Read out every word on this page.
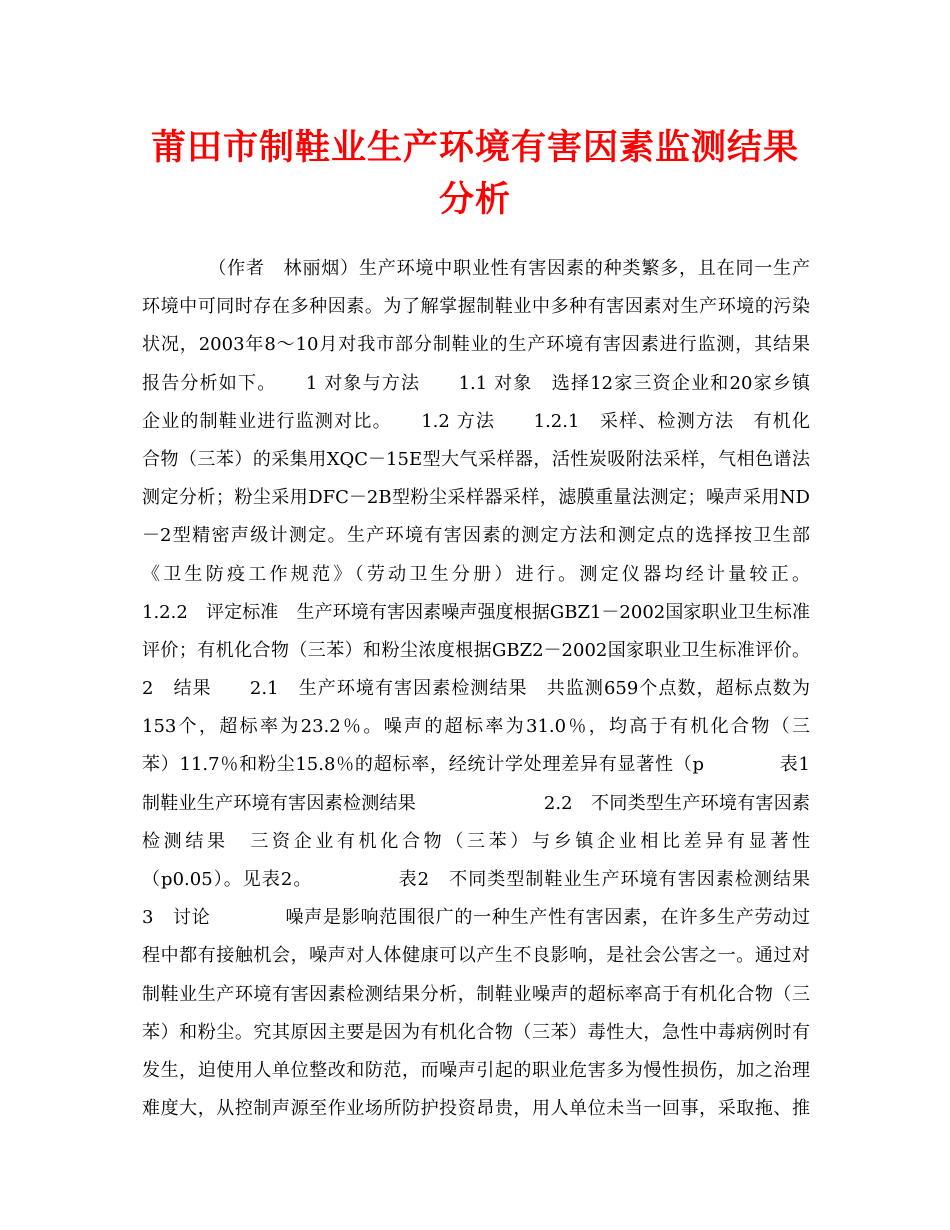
莆田市制鞋业生产环境有害因素监测结果分析
　　　　（作者　林丽烟）生产环境中职业性有害因素的种类繁多，且在同一生产
环境中可同时存在多种因素。为了解掌握制鞋业中多种有害因素对生产环境的污染
状况，2003年8～10月对我市部分制鞋业的生产环境有害因素进行监测，其结果
报告分析如下。　　1 对象与方法　　1.1 对象　选择12家三资企业和20家乡镇
企业的制鞋业进行监测对比。　　1.2 方法　　1.2.1　采样、检测方法　有机化
合物（三苯）的采集用XQC－15E型大气采样器，活性炭吸附法采样，气相色谱法
测定分析；粉尘采用DFC－2B型粉尘采样器采样，滤膜重量法测定；噪声采用ND
－2型精密声级计测定。生产环境有害因素的测定方法和测定点的选择按卫生部
《卫生防疫工作规范》（劳动卫生分册）进行。测定仪器均经计量较正。
1.2.2　评定标准　生产环境有害因素噪声强度根据GBZ1－2002国家职业卫生标准
评价；有机化合物（三苯）和粉尘浓度根据GBZ2－2002国家职业卫生标准评价。
2　结果　　2.1　生产环境有害因素检测结果　共监测659个点数，超标点数为
153个，超标率为23.2％。噪声的超标率为31.0％，均高于有机化合物（三
苯）11.7％和粉尘15.8％的超标率，经统计学处理差异有显著性（p　　　　表1
制鞋业生产环境有害因素检测结果　　　　　　　2.2　不同类型生产环境有害因素
检测结果　三资企业有机化合物（三苯）与乡镇企业相比差异有显著性
（p0.05）。见表2。　　　　　表2　不同类型制鞋业生产环境有害因素检测结果
3　讨论　　　　噪声是影响范围很广的一种生产性有害因素，在许多生产劳动过
程中都有接触机会，噪声对人体健康可以产生不良影响，是社会公害之一。通过对
制鞋业生产环境有害因素检测结果分析，制鞋业噪声的超标率高于有机化合物（三
苯）和粉尘。究其原因主要是因为有机化合物（三苯）毒性大，急性中毒病例时有
发生，迫使用人单位整改和防范，而噪声引起的职业危害多为慢性损伤，加之治理
难度大，从控制声源至作业场所防护投资昂贵，用人单位未当一回事，采取拖、推
